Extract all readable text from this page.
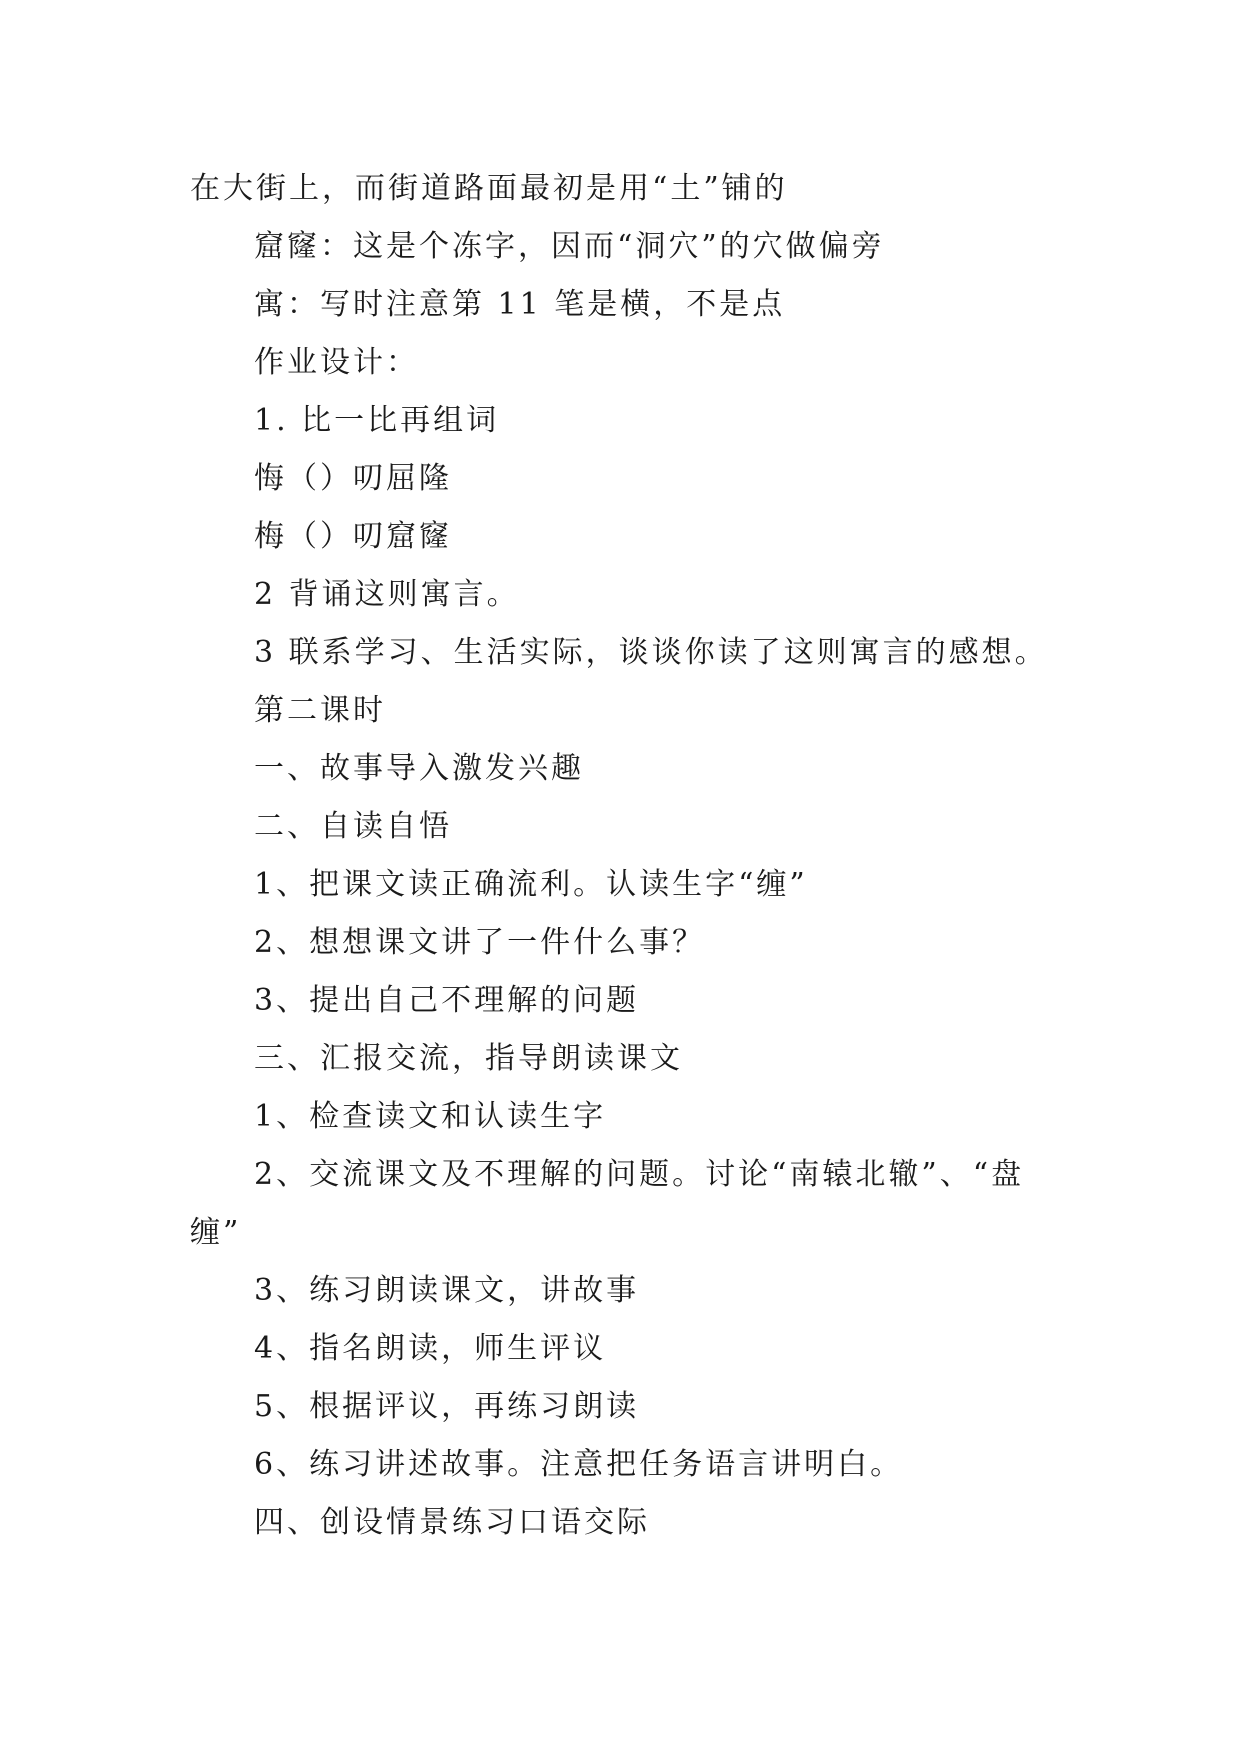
在大街上，而街道路面最初是用“土”铺的
窟窿：这是个冻字，因而“洞穴”的穴做偏旁
寓：写时注意第 11 笔是横，不是点
作业设计：
1. 比一比再组词
悔（）叨屈隆
梅（）叨窟窿
2 背诵这则寓言。
3 联系学习、生活实际，谈谈你读了这则寓言的感想。
第二课时
一、故事导入激发兴趣
二、自读自悟
1、把课文读正确流利。认读生字“缠”
2、想想课文讲了一件什么事？
3、提出自己不理解的问题
三、汇报交流，指导朗读课文
1、检查读文和认读生字
2、交流课文及不理解的问题。讨论“南辕北辙”、“盘
缠”
3、练习朗读课文，讲故事
4、指名朗读，师生评议
5、根据评议，再练习朗读
6、练习讲述故事。注意把任务语言讲明白。
四、创设情景练习口语交际
